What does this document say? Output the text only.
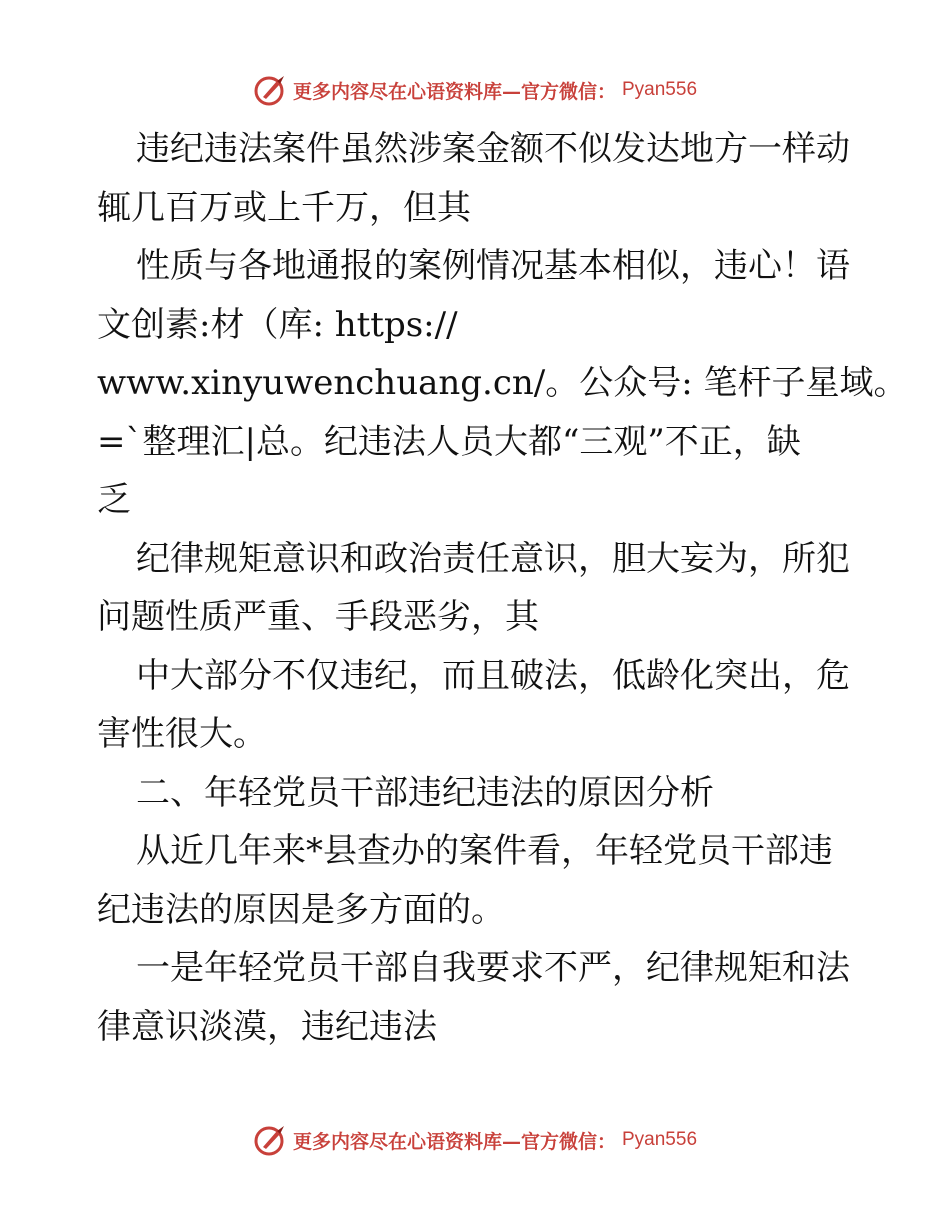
更多内容尽在心语资料库—官方微信： Pyan556
违纪违法案件虽然涉案金额不似发达地方一样动
辄几百万或上千万，但其
性质与各地通报的案例情况基本相似，违心！语
文创素:材（库: https://
www.xinyuwenchuang.cn/。公众号: 笔杆子星域。
=`整理汇|总。纪违法人员大都“三观”不正，缺
乏
纪律规矩意识和政治责任意识，胆大妄为，所犯
问题性质严重、手段恶劣，其
中大部分不仅违纪，而且破法，低龄化突出，危
害性很大。
二、年轻党员干部违纪违法的原因分析
从近几年来*县查办的案件看，年轻党员干部违
纪违法的原因是多方面的。
一是年轻党员干部自我要求不严，纪律规矩和法
律意识淡漠，违纪违法
更多内容尽在心语资料库—官方微信： Pyan556
